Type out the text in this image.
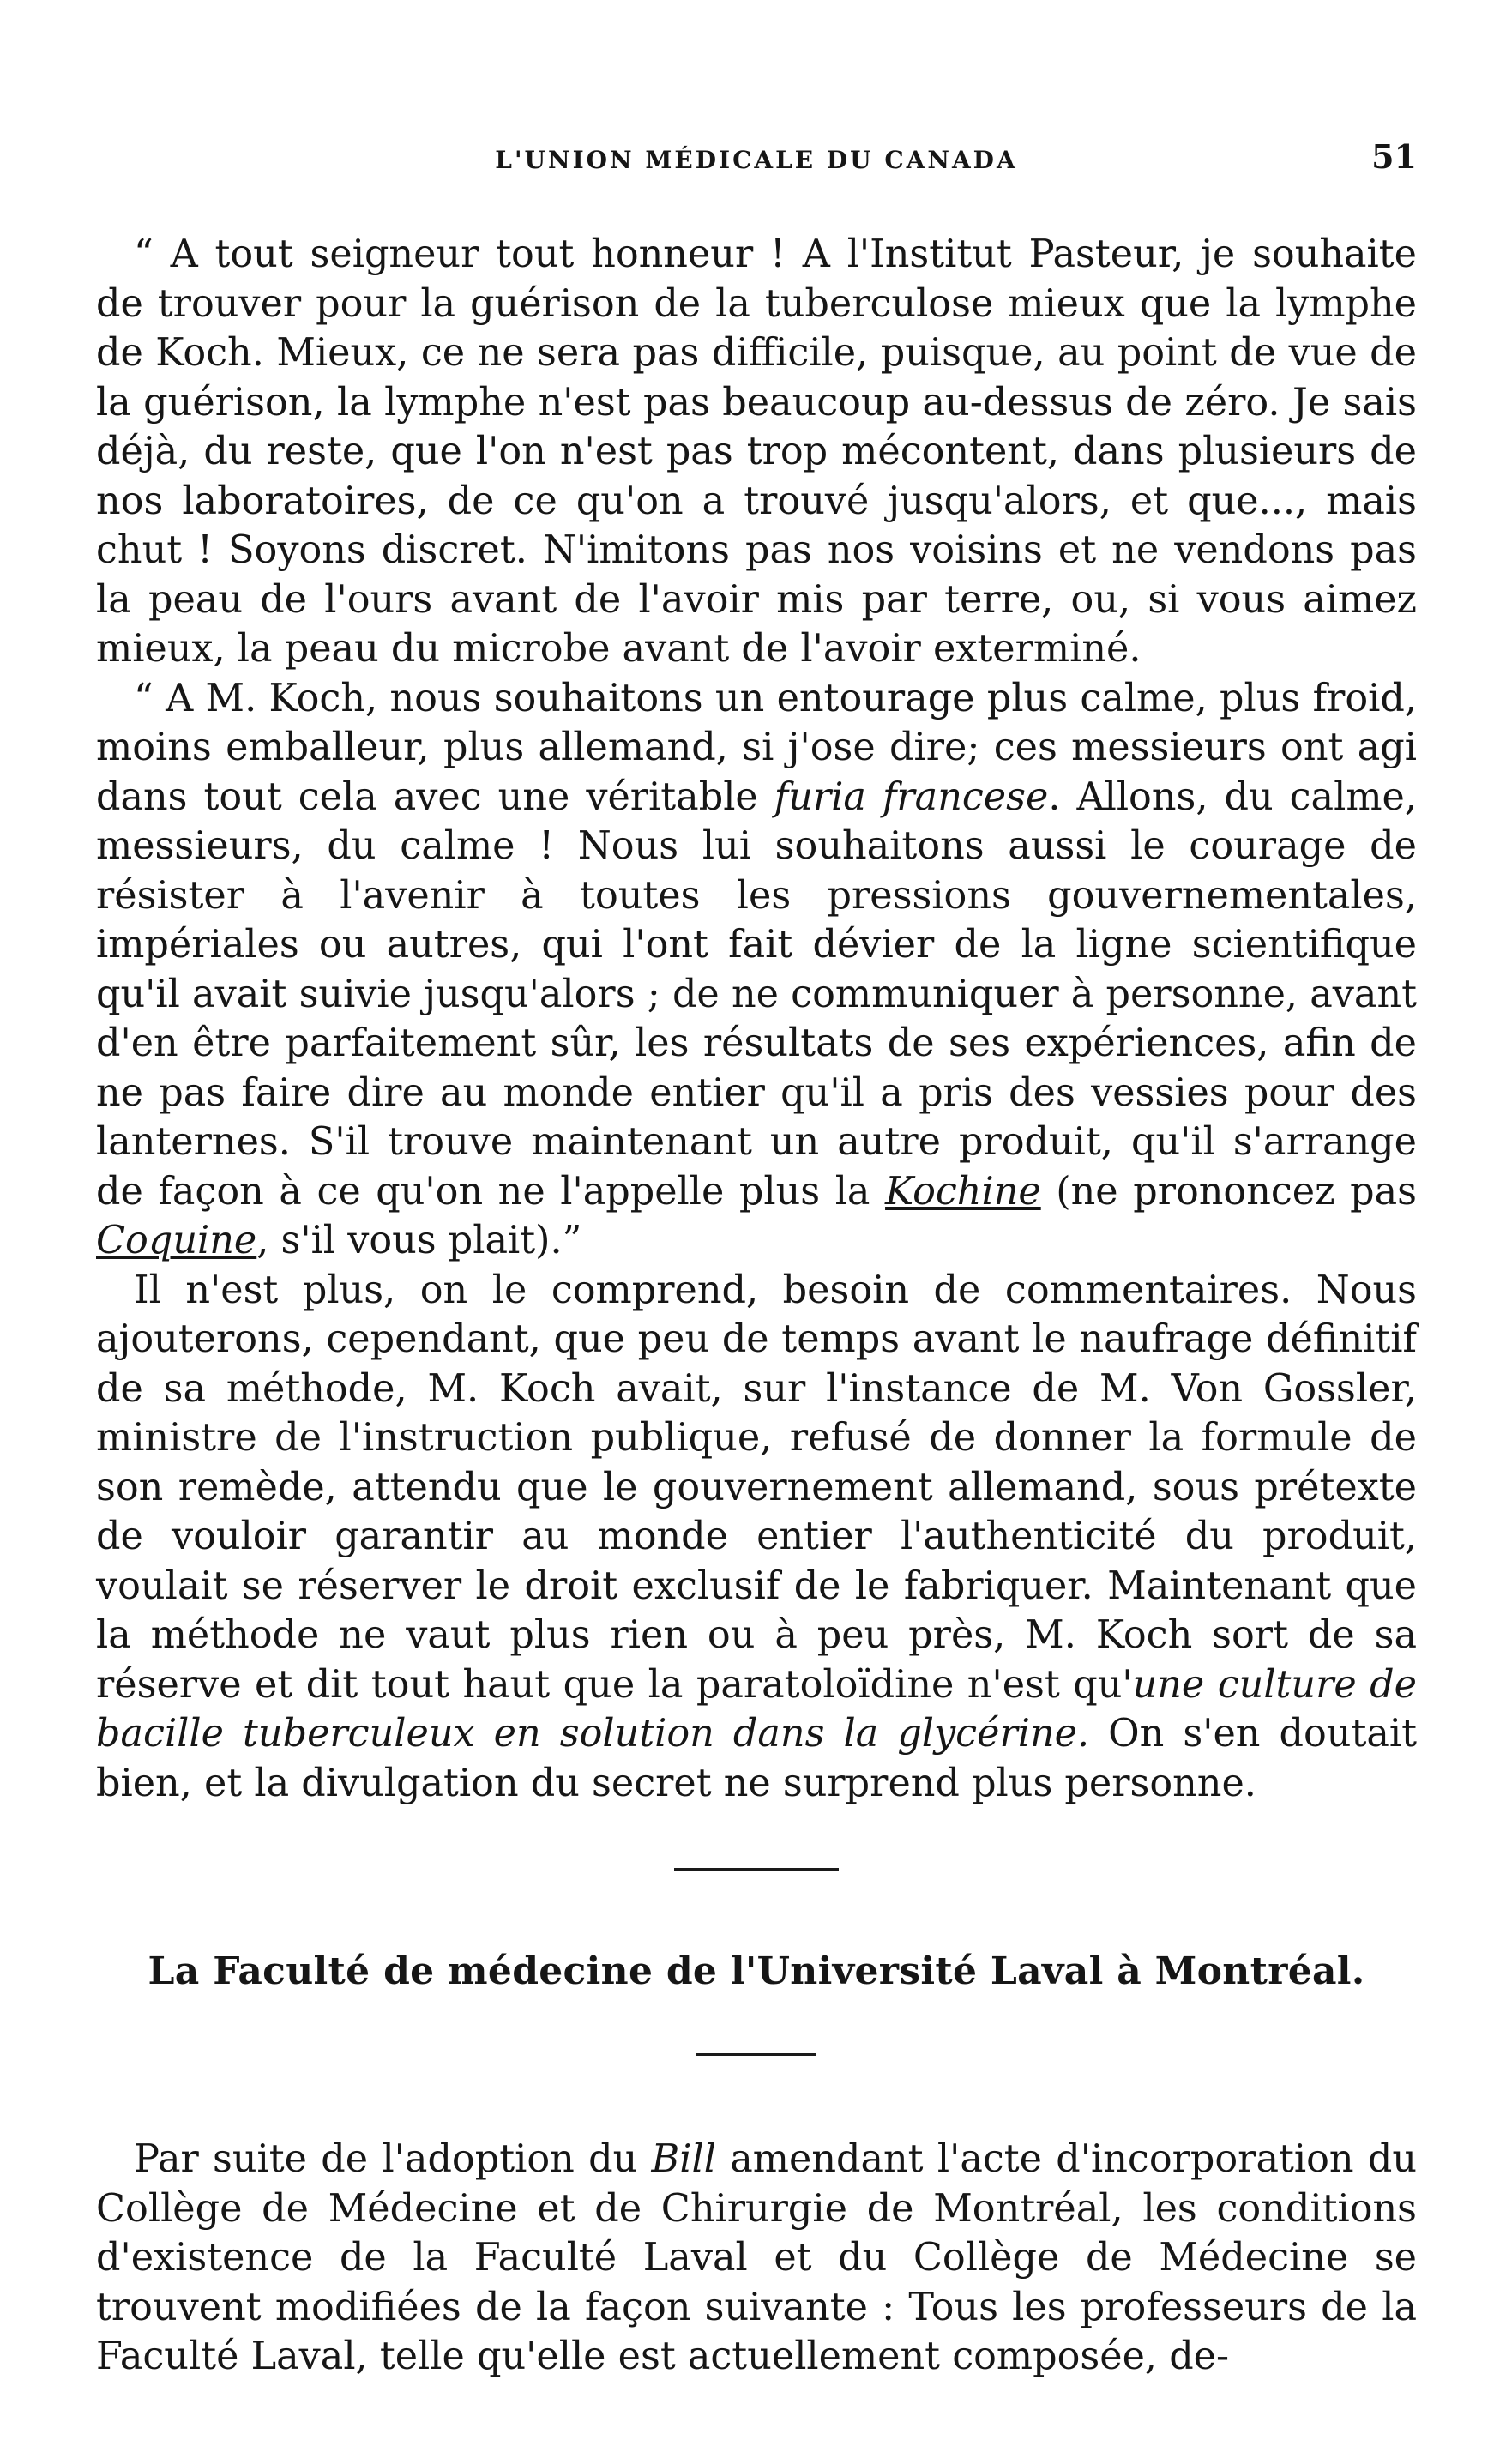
L'UNION MÉDICALE DU CANADA	51

“ A tout seigneur tout honneur ! A l'Institut Pasteur, je souhaite de trouver pour la guérison de la tuberculose mieux que la lymphe de Koch. Mieux, ce ne sera pas difficile, puisque, au point de vue de la guérison, la lymphe n'est pas beaucoup au-dessus de zéro. Je sais déjà, du reste, que l'on n'est pas trop mécontent, dans plusieurs de nos laboratoires, de ce qu'on a trouvé jusqu'alors, et que..., mais chut ! Soyons discret. N'imitons pas nos voisins et ne vendons pas la peau de l'ours avant de l'avoir mis par terre, ou, si vous aimez mieux, la peau du microbe avant de l'avoir exterminé.

“ A M. Koch, nous souhaitons un entourage plus calme, plus froid, moins emballeur, plus allemand, si j'ose dire; ces messieurs ont agi dans tout cela avec une véritable furia francese. Allons, du calme, messieurs, du calme ! Nous lui souhaitons aussi le courage de résister à l'avenir à toutes les pressions gouvernementales, impériales ou autres, qui l'ont fait dévier de la ligne scientifique qu'il avait suivie jusqu'alors ; de ne communiquer à personne, avant d'en être parfaitement sûr, les résultats de ses expériences, afin de ne pas faire dire au monde entier qu'il a pris des vessies pour des lanternes. S'il trouve maintenant un autre produit, qu'il s'arrange de façon à ce qu'on ne l'appelle plus la Kochine (ne prononcez pas Coquine, s'il vous plait).”

Il n'est plus, on le comprend, besoin de commentaires. Nous ajouterons, cependant, que peu de temps avant le naufrage définitif de sa méthode, M. Koch avait, sur l'instance de M. Von Gossler, ministre de l'instruction publique, refusé de donner la formule de son remède, attendu que le gouvernement allemand, sous prétexte de vouloir garantir au monde entier l'authenticité du produit, voulait se réserver le droit exclusif de le fabriquer. Maintenant que la méthode ne vaut plus rien ou à peu près, M. Koch sort de sa réserve et dit tout haut que la paratoloïdine n'est qu'une culture de bacille tuberculeux en solution dans la glycérine. On s'en doutait bien, et la divulgation du secret ne surprend plus personne.

La Faculté de médecine de l'Université Laval à Montréal.

Par suite de l'adoption du Bill amendant l'acte d'incorporation du Collège de Médecine et de Chirurgie de Montréal, les conditions d'existence de la Faculté Laval et du Collège de Médecine se trouvent modifiées de la façon suivante : Tous les professeurs de la Faculté Laval, telle qu'elle est actuellement composée, de-
